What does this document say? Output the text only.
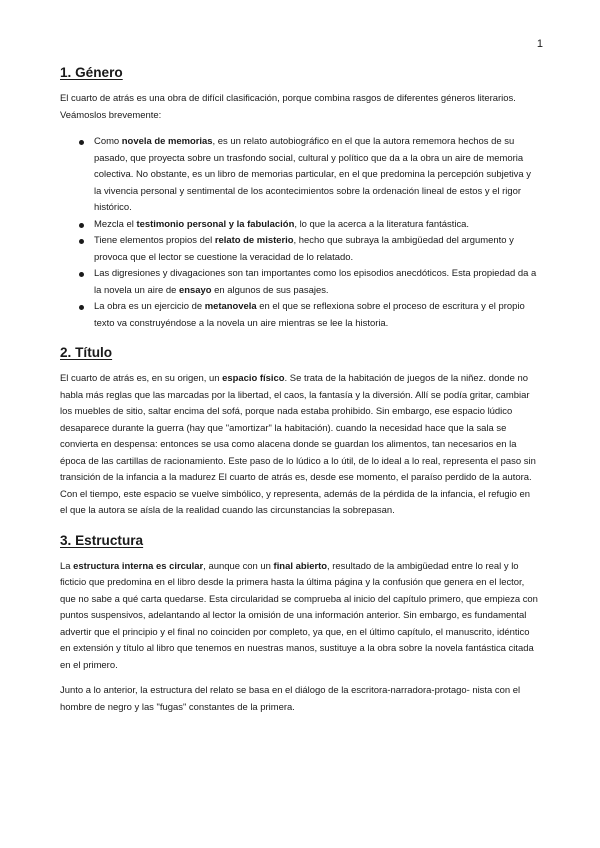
1
1. Género

El cuarto de atrás es una obra de difícil clasificación, porque combina rasgos de diferentes géneros literarios. Veámoslos brevemente:

Como novela de memorias, es un relato autobiográfico en el que la autora rememora hechos de su pasado, que proyecta sobre un trasfondo social, cultural y político que da a la obra un aire de memoria colectiva. No obstante, es un libro de memorias particular, en el que predomina la percepción subjetiva y la vivencia personal y sentimental de los acontecimientos sobre la ordenación lineal de estos y el rigor histórico.
Mezcla el testimonio personal y la fabulación, lo que la acerca a la literatura fantástica.
Tiene elementos propios del relato de misterio, hecho que subraya la ambigüedad del argumento y provoca que el lector se cuestione la veracidad de lo relatado.
Las digresiones y divagaciones son tan importantes como los episodios anecdóticos. Esta propiedad da a la novela un aire de ensayo en algunos de sus pasajes.
La obra es un ejercicio de metanovela en el que se reflexiona sobre el proceso de escritura y el propio texto va construyéndose a la novela un aire mientras se lee la historia.
2. Título

El cuarto de atrás es, en su origen, un espacio físico. Se trata de la habitación de juegos de la niñez. donde no habla más reglas que las marcadas por la libertad, el caos, la fantasía y la diversión. Allí se podía gritar, cambiar los muebles de sitio, saltar encima del sofá, porque nada estaba prohibido. Sin embargo, ese espacio lúdico desaparece durante la guerra (hay que "amortizar" la habitación). cuando la necesidad hace que la sala se convierta en despensa: entonces se usa como alacena donde se guardan los alimentos, tan necesarios en la época de las cartillas de racionamiento. Este paso de lo lúdico a lo útil, de lo ideal a lo real, representa el paso sin transición de la infancia a la madurez El cuarto de atrás es, desde ese momento, el paraíso perdido de la autora. Con el tiempo, este espacio se vuelve simbólico, y representa, además de la pérdida de la infancia, el refugio en el que la autora se aísla de la realidad cuando las circunstancias la sobrepasan.

3. Estructura

La estructura interna es circular, aunque con un final abierto, resultado de la ambigüedad entre lo real y lo ficticio que predomina en el libro desde la primera hasta la última página y la confusión que genera en el lector, que no sabe a qué carta quedarse. Esta circularidad se comprueba al inicio del capítulo primero, que empieza con puntos suspensivos, adelantando al lector la omisión de una información anterior. Sin embargo, es fundamental advertir que el principio y el final no coinciden por completo, ya que, en el último capítulo, el manuscrito, idéntico en extensión y título al libro que tenemos en nuestras manos, sustituye a la obra sobre la novela fantástica citada en el primero.

Junto a lo anterior, la estructura del relato se basa en el diálogo de la escritora-narradora-protago- nista con el hombre de negro y las "fugas" constantes de la primera.
